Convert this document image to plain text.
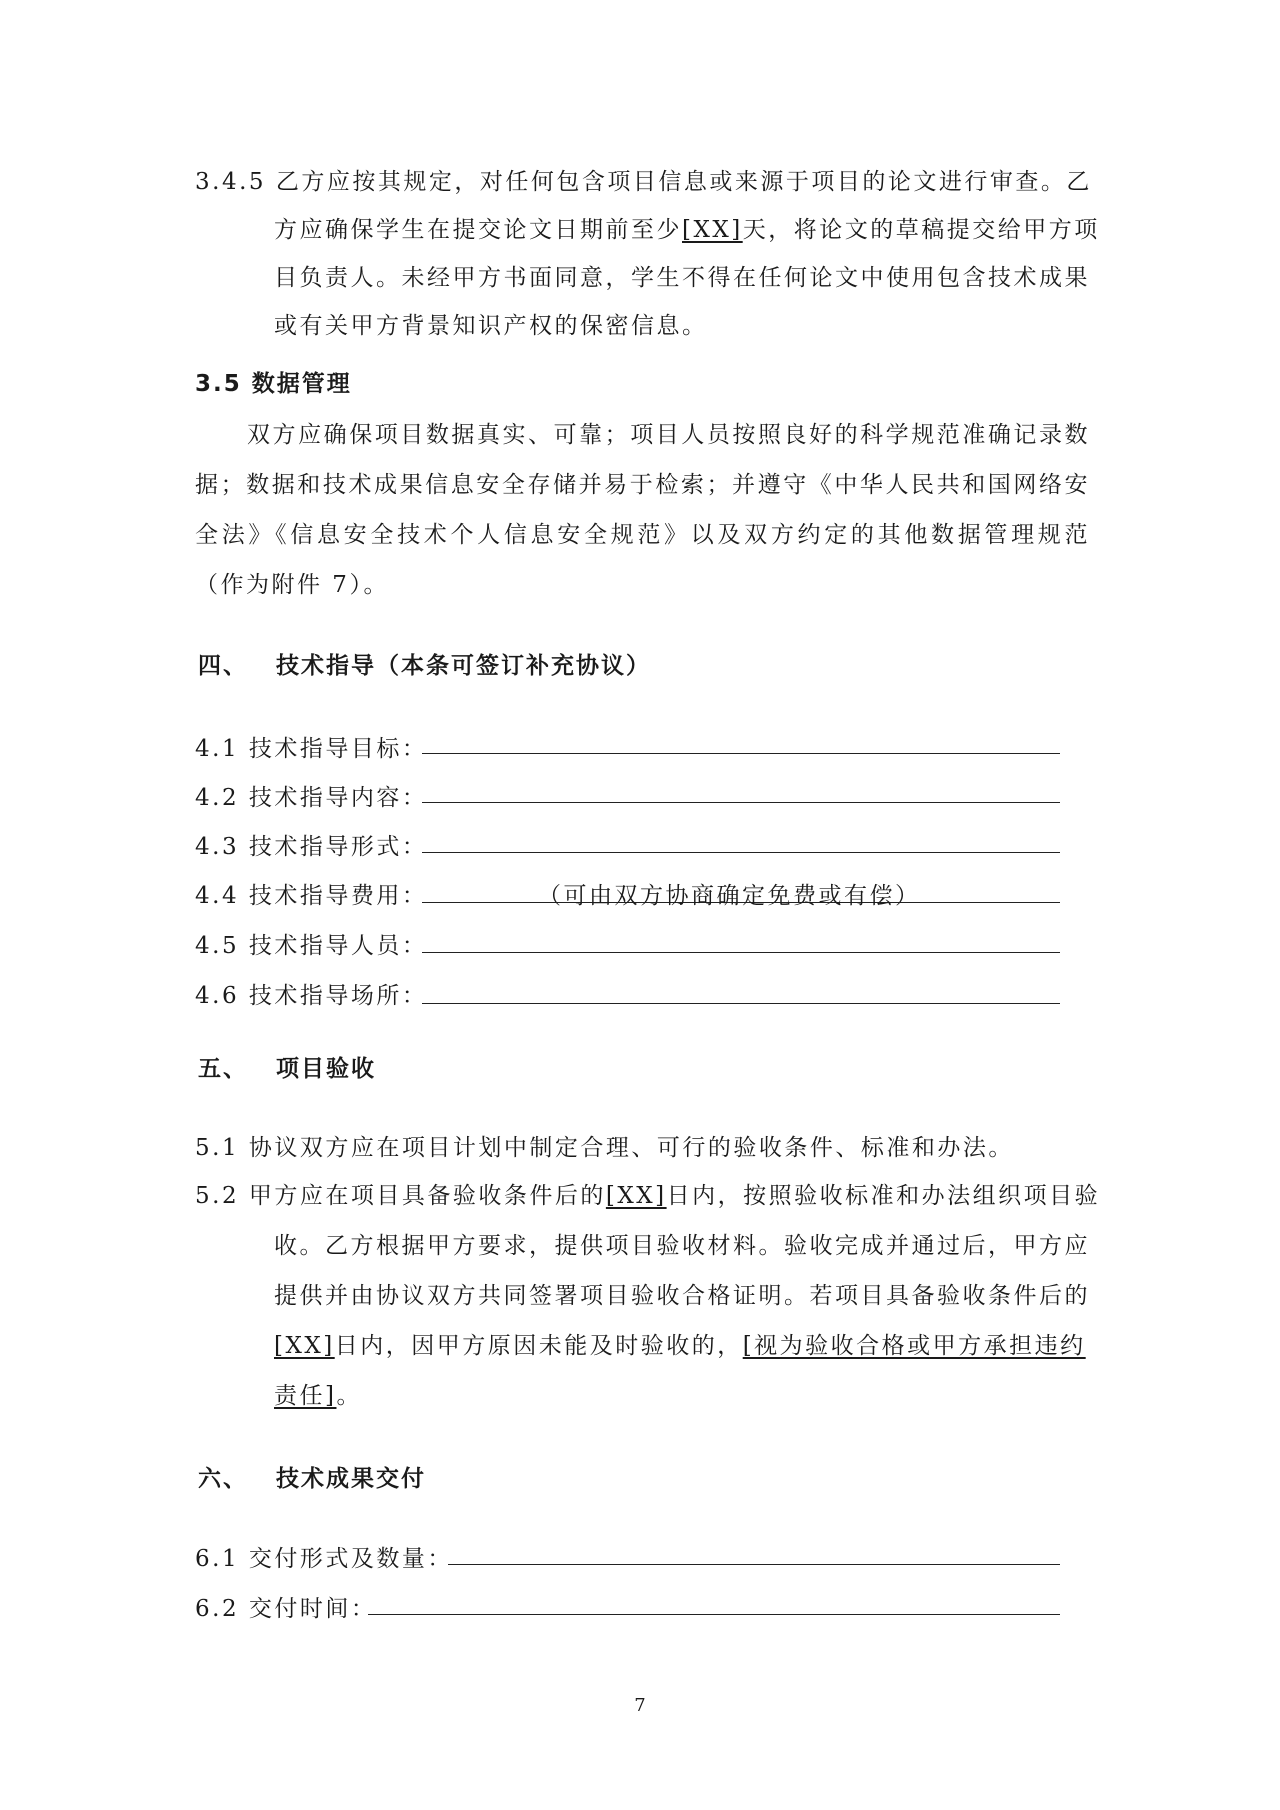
3.4.5 乙方应按其规定，对任何包含项目信息或来源于项目的论文进行审查。乙

方应确保学生在提交论文日期前至少[XX]天，将论文的草稿提交给甲方项

目负责人。未经甲方书面同意，学生不得在任何论文中使用包含技术成果

或有关甲方背景知识产权的保密信息。

3.5 数据管理

双方应确保项目数据真实、可靠；项目人员按照良好的科学规范准确记录数据；数据和技术成果信息安全存储并易于检索；并遵守《中华人民共和国网络安全法》《信息安全技术个人信息安全规范》以及双方约定的其他数据管理规范（作为附件 7）。

四、 技术指导（本条可签订补充协议）

4.1 技术指导目标：
4.2 技术指导内容：
4.3 技术指导形式：
4.4 技术指导费用：	（可由双方协商确定免费或有偿）
4.5 技术指导人员：
4.6 技术指导场所：

五、 项目验收

5.1 协议双方应在项目计划中制定合理、可行的验收条件、标准和办法。

5.2 甲方应在项目具备验收条件后的[XX]日内，按照验收标准和办法组织项目验

收。乙方根据甲方要求，提供项目验收材料。验收完成并通过后，甲方应

提供并由协议双方共同签署项目验收合格证明。若项目具备验收条件后的

[XX]日内，因甲方原因未能及时验收的，[视为验收合格或甲方承担违约

责任]。

六、 技术成果交付

6.1 交付形式及数量：
6.2 交付时间：
7
